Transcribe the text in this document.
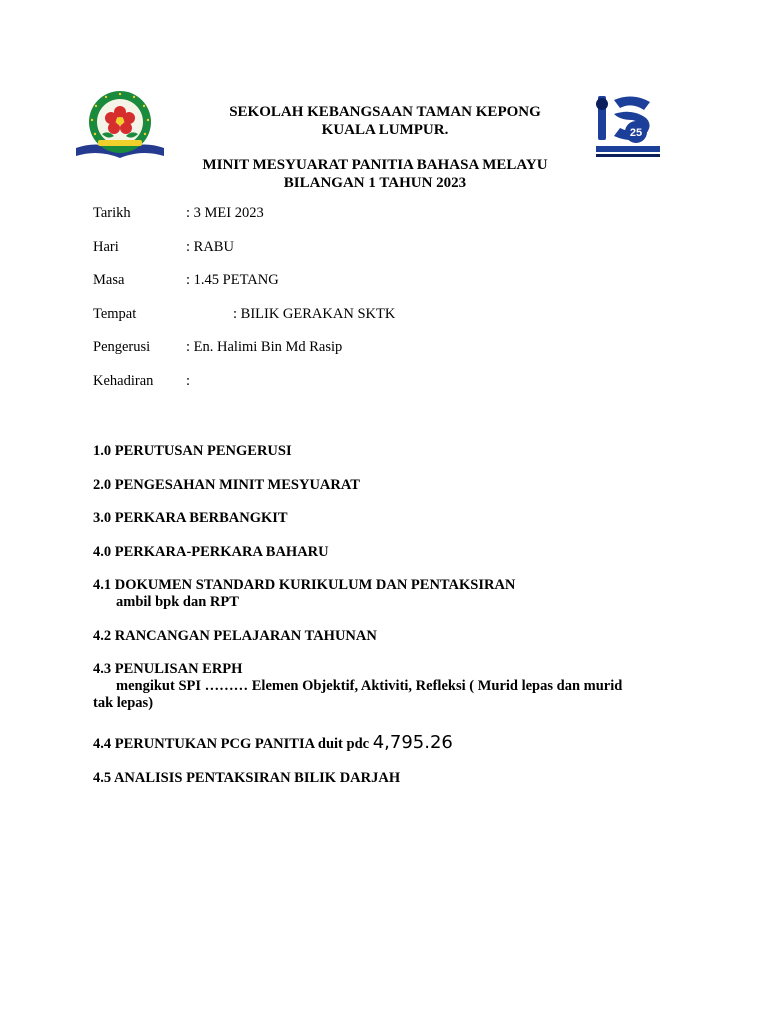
25
SEKOLAH KEBANGSAAN TAMAN KEPONG
KUALA LUMPUR.
MINIT MESYUARAT PANITIA BAHASA MELAYU
BILANGAN 1 TAHUN 2023
Tarikh	: 3 MEI 2023
Hari	: RABU
Masa	: 1.45 PETANG
Tempat	: BILIK GERAKAN SKTK
Pengerusi : En. Halimi Bin Md Rasip
Kehadiran :
1.0 PERUTUSAN PENGERUSI
2.0 PENGESAHAN MINIT MESYUARAT
3.0 PERKARA BERBANGKIT
4.0 PERKARA-PERKARA BAHARU
4.1 DOKUMEN STANDARD KURIKULUM DAN PENTAKSIRAN
ambil bpk dan RPT
4.2 RANCANGAN PELAJARAN TAHUNAN
4.3 PENULISAN ERPH
mengikut SPI ……… Elemen Objektif, Aktiviti, Refleksi ( Murid lepas dan murid
tak lepas)
4.4 PERUNTUKAN PCG PANITIA duit pdc 4,795.26
4.5 ANALISIS PENTAKSIRAN BILIK DARJAH
